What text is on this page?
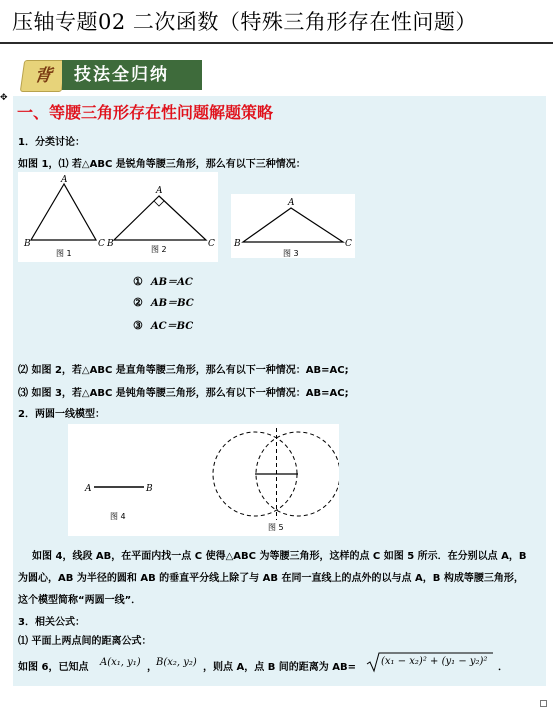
压轴专题02 二次函数（特殊三角形存在性问题）
背	技法全归纳
✥
一、等腰三角形存在性问题解题策略
1．分类讨论：
如图 1，⑴ 若△ABC 是锐角等腰三角形，那么有以下三种情况：
A
B	C
图 1
A
B	C
图 2
A
B	C
图 3
① AB＝AC
② AB＝BC
③ AC＝BC
⑵ 如图 2，若△ABC 是直角等腰三角形，那么有以下一种情况：AB=AC;
⑶ 如图 3，若△ABC 是钝角等腰三角形，那么有以下一种情况：AB=AC;
2．两圆一线模型：
A	B
图 4
图 5
如图 4，线段 AB，在平面内找一点 C 使得△ABC 为等腰三角形，这样的点 C 如图 5 所示．在分别以点 A，B
为圆心，AB 为半径的圆和 AB 的垂直平分线上除了与 AB 在同一直线上的点外的以与点 A，B 构成等腰三角形，
这个模型简称“两圆一线”．
3．相关公式：
⑴ 平面上两点间的距离公式：
如图 6，已知点 A(x₁, y₁) ， B(x₂, y₂) ，则点 A，点 B 间的距离为 AB=
(x₁ − x₂)² + (y₁ − y₂)²
．
